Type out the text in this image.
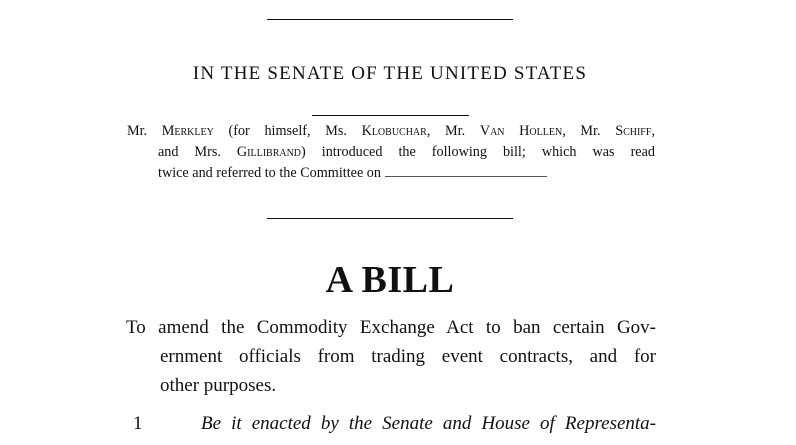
IN THE SENATE OF THE UNITED STATES
Mr. Merkley (for himself, Ms. Klobuchar, Mr. Van Hollen, Mr. Schiff,
and Mrs. Gillibrand) introduced the following bill; which was read
twice and referred to the Committee on
A BILL
To amend the Commodity Exchange Act to ban certain Gov-
ernment officials from trading event contracts, and for
other purposes.
1	Be it enacted by the Senate and House of Representa-
